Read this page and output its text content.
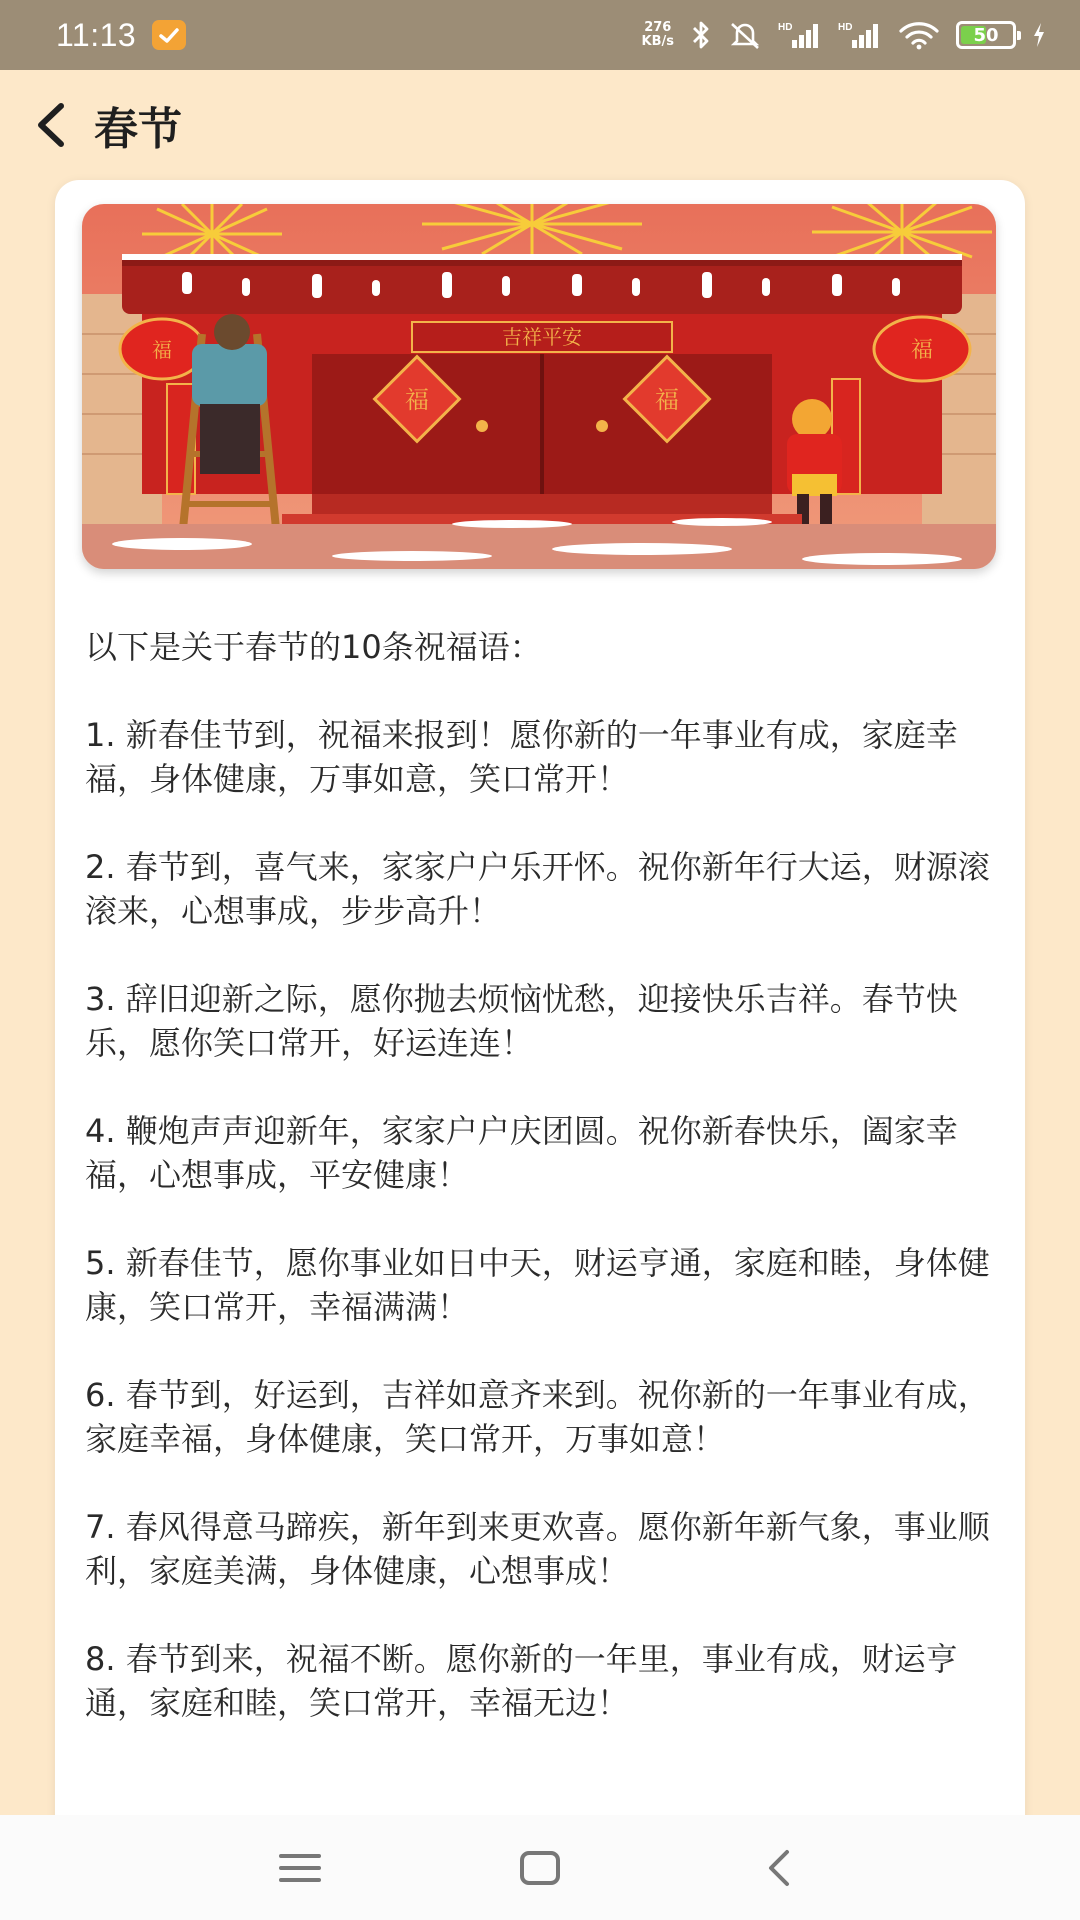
11:13	276
KB/s
HD	HD	50
春节
吉祥平安
福	福
福	福

以下是关于春节的10条祝福语：

1. 新春佳节到，祝福来报到！愿你新的一年事业有成，家庭幸福，身体健康，万事如意，笑口常开！

2. 春节到，喜气来，家家户户乐开怀。祝你新年行大运，财源滚滚来，心想事成，步步高升！

3. 辞旧迎新之际，愿你抛去烦恼忧愁，迎接快乐吉祥。春节快乐，愿你笑口常开，好运连连！

4. 鞭炮声声迎新年，家家户户庆团圆。祝你新春快乐，阖家幸福，心想事成，平安健康！

5. 新春佳节，愿你事业如日中天，财运亨通，家庭和睦，身体健康，笑口常开，幸福满满！

6. 春节到，好运到，吉祥如意齐来到。祝你新的一年事业有成，家庭幸福，身体健康，笑口常开，万事如意！

7. 春风得意马蹄疾，新年到来更欢喜。愿你新年新气象，事业顺利，家庭美满，身体健康，心想事成！

8. 春节到来，祝福不断。愿你新的一年里，事业有成，财运亨通，家庭和睦，笑口常开，幸福无边！
